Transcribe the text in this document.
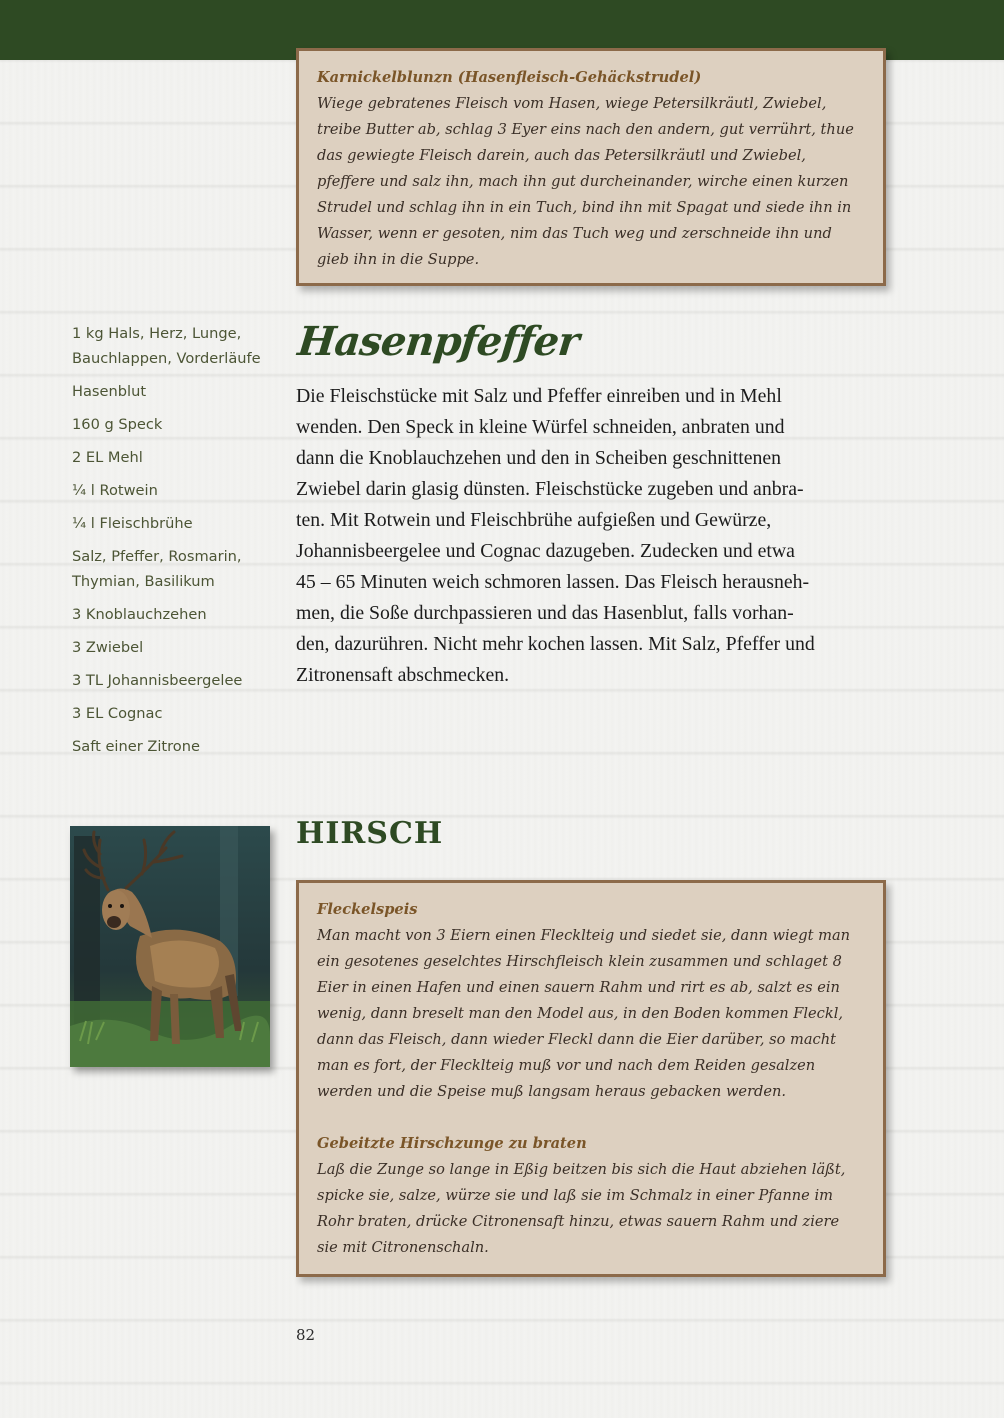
Karnickelblunzn (Hasenfleisch-Gehäckstrudel)

Wiege gebratenes Fleisch vom Hasen, wiege Petersilkräutl, Zwiebel,

treibe Butter ab, schlag 3 Eyer eins nach den andern, gut verrührt, thue

das gewiegte Fleisch darein, auch das Petersilkräutl und Zwiebel,

pfeffere und salz ihn, mach ihn gut durcheinander, wirche einen kurzen

Strudel und schlag ihn in ein Tuch, bind ihn mit Spagat und siede ihn in

Wasser, wenn er gesoten, nim das Tuch weg und zerschneide ihn und

gieb ihn in die Suppe.

1 kg Hals, Herz, Lunge,
Bauchlappen, Vorderläufe
Hasenblut
160 g Speck
2 EL Mehl
¼ l Rotwein
¼ l Fleischbrühe
Salz, Pfeffer, Rosmarin,
Thymian, Basilikum
3 Knoblauchzehen
3 Zwiebel
3 TL Johannisbeergelee
3 EL Cognac
Saft einer Zitrone
Hasenpfeffer
Die Fleischstücke mit Salz und Pfeffer einreiben und in Mehl
wenden. Den Speck in kleine Würfel schneiden, anbraten und
dann die Knoblauchzehen und den in Scheiben geschnittenen
Zwiebel darin glasig dünsten. Fleischstücke zugeben und anbra-
ten. Mit Rotwein und Fleischbrühe aufgießen und Gewürze,
Johannisbeergelee und Cognac dazugeben. Zudecken und etwa
45 – 65 Minuten weich schmoren lassen. Das Fleisch herausneh-
men, die Soße durchpassieren und das Hasenblut, falls vorhan-
den, dazurühren. Nicht mehr kochen lassen. Mit Salz, Pfeffer und
Zitronensaft abschmecken.
HIRSCH

Fleckelspeis

Man macht von 3 Eiern einen Flecklteig und siedet sie, dann wiegt man

ein gesotenes geselchtes Hirschfleisch klein zusammen und schlaget 8

Eier in einen Hafen und einen sauern Rahm und rirt es ab, salzt es ein

wenig, dann breselt man den Model aus, in den Boden kommen Fleckl,

dann das Fleisch, dann wieder Fleckl dann die Eier darüber, so macht

man es fort, der Flecklteig muß vor und nach dem Reiden gesalzen

werden und die Speise muß langsam heraus gebacken werden.

Gebeitzte Hirschzunge zu braten

Laß die Zunge so lange in Eßig beitzen bis sich die Haut abziehen läßt,

spicke sie, salze, würze sie und laß sie im Schmalz in einer Pfanne im

Rohr braten, drücke Citronensaft hinzu, etwas sauern Rahm und ziere

sie mit Citronenschaln.

82
